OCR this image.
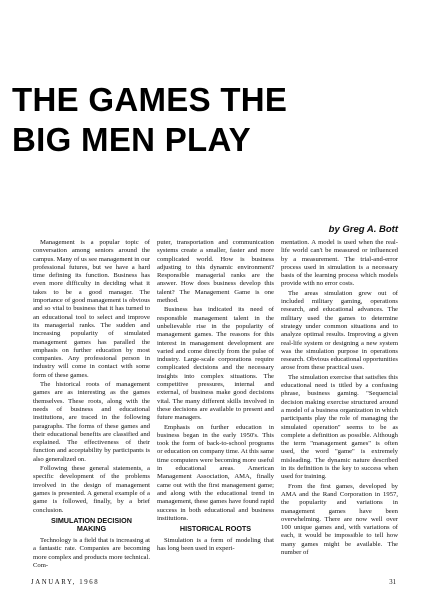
THE GAMES THE
BIG MEN PLAY
by Greg A. Bott

Management is a popular topic of conversation among seniors around the campus. Many of us see management in our professional futures, but we have a hard time defining its function. Business has even more difficulty in deciding what it takes to be a good manager. The importance of good management is obvious and so vital to business that it has turned to an educational tool to select and improve its managerial ranks. The sudden and increasing popularity of simulated management games has paralled the emphasis on further education by most companies. Any professional person in industry will come in contact with some form of these games.

The historical roots of management games are as interesting as the games themselves. These roots, along with the needs of business and educational institutions, are traced in the following paragraphs. The forms of these games and their educational benefits are classified and explained. The effectiveness of their function and acceptability by participants is also generalized on.

Following these general statements, a specific development of the problems involved in the design of management games is presented. A general example of a game is followed, finally, by a brief conclusion.

SIMULATION DECISION
MAKING

Technology is a field that is increasing at a fantastic rate. Companies are becoming more complex and products more technical. Com-

puter, transportation and communication systems create a smaller, faster and more complicated world. How is business adjusting to this dynamic environment? Responsible managerial ranks are the answer. How does business develop this talent? The Management Game is one method.

Business has indicated its need of responsible management talent in the unbelievable rise in the popularity of management games. The reasons for this interest in management development are varied and come directly from the pulse of industry. Large-scale corporations require complicated decisions and the necessary insights into complex situations. The competitive pressures, internal and external, of business make good decisions vital. The many different skills involved in these decisions are available to present and future managers.

Emphasis on further education in business began in the early 1950's. This took the form of back-to-school programs or education on company time. At this same time computers were becoming more useful in educational areas. American Management Association, AMA, finally came out with the first management game; and along with the educational trend in management, these games have found rapid success in both educational and business institutions.

HISTORICAL ROOTS

Simulation is a form of modeling that has long been used in experi-

mentation. A model is used when the real-life world can't be measured or influenced by a measurement. The trial-and-error process used in simulation is a necessary basis of the learning process which models provide with no error costs.

The areas simulation grew out of included military gaming, operations research, and educational advances. The military used the games to determine strategy under common situations and to analyze optimal results. Improving a given real-life system or designing a new system was the simulation purpose in operations research. Obvious educational opportunities arose from these practical uses.

The simulation exercise that satisfies this educational need is titled by a confusing phrase, business gaming. "Sequencial decision making exercise structured around a model of a business organization in which participants play the role of managing the simulated operation" seems to be as complete a definition as possible. Although the term "management games" is often used, the word "game" is extremely misleading. The dynamic nature described in its definition is the key to success when used for training.

From the first games, developed by AMA and the Rand Corporation in 1957, the popularity and variations in management games have been overwhelming. There are now well over 100 unique games and, with variations of each, it would be impossible to tell how many games might be available. The number of

JANUARY, 1968	31
